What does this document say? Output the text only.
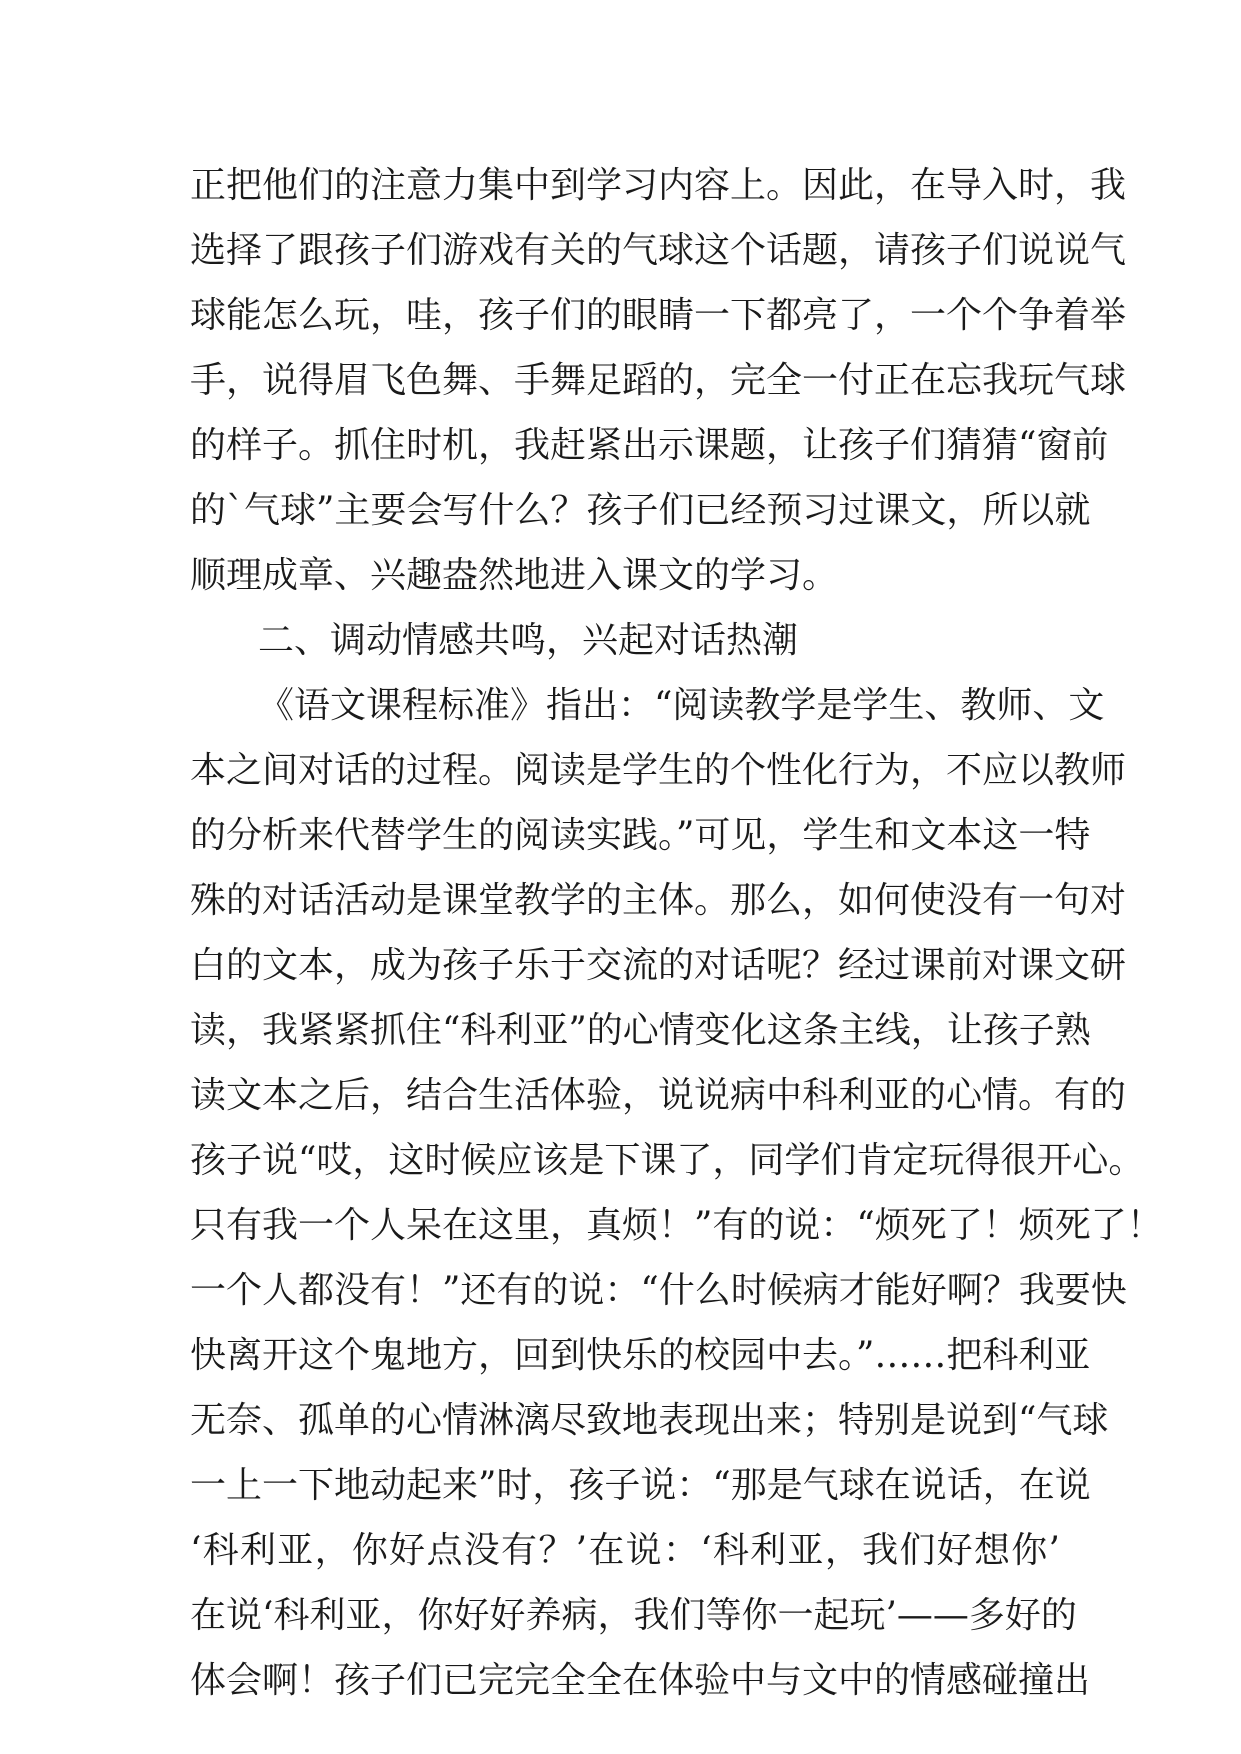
正把他们的注意力集中到学习内容上。因此，在导入时，我
选择了跟孩子们游戏有关的气球这个话题，请孩子们说说气
球能怎么玩，哇，孩子们的眼睛一下都亮了，一个个争着举
手，说得眉飞色舞、手舞足蹈的，完全一付正在忘我玩气球
的样子。抓住时机，我赶紧出示课题，让孩子们猜猜“窗前
的`气球”主要会写什么？孩子们已经预习过课文，所以就
顺理成章、兴趣盎然地进入课文的学习。
二、调动情感共鸣，兴起对话热潮
《语文课程标准》指出：“阅读教学是学生、教师、文
本之间对话的过程。阅读是学生的个性化行为，不应以教师
的分析来代替学生的阅读实践。”可见，学生和文本这一特
殊的对话活动是课堂教学的主体。那么，如何使没有一句对
白的文本，成为孩子乐于交流的对话呢？经过课前对课文研
读，我紧紧抓住“科利亚”的心情变化这条主线，让孩子熟
读文本之后，结合生活体验，说说病中科利亚的心情。有的
孩子说“哎，这时候应该是下课了，同学们肯定玩得很开心。
只有我一个人呆在这里，真烦！”有的说：“烦死了！烦死了！
一个人都没有！”还有的说：“什么时候病才能好啊？我要快
快离开这个鬼地方，回到快乐的校园中去。”……把科利亚
无奈、孤单的心情淋漓尽致地表现出来；特别是说到“气球
一上一下地动起来”时，孩子说：“那是气球在说话，在说
‘科利亚，你好点没有？’在说：‘科利亚，我们好想你’
在说‘科利亚，你好好养病，我们等你一起玩’——多好的
体会啊！孩子们已完完全全在体验中与文中的情感碰撞出
